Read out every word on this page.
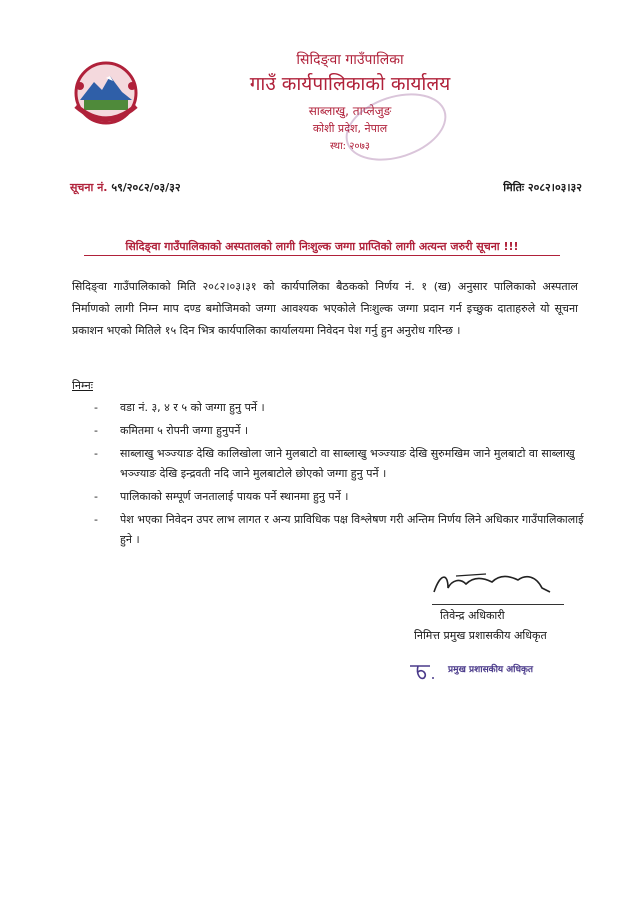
सिदिङ्वा गाउँपालिका
गाउँ कार्यपालिकाको कार्यालय
साब्लाखु, ताप्लेजुङ
कोशी प्रदेश, नेपाल
स्था: २०७३
सूचना नं. ५९/२०८२/०३/३२	मितिः २०८२।०३।३२
सिदिङ्वा गाउँपालिकाको अस्पतालको लागी निःशुल्क जग्गा प्राप्तिको लागी अत्यन्त जरुरी सूचना !!!
सिदिङ्वा गाउँपालिकाको मिति २०८२।०३।३१ को कार्यपालिका बैठकको निर्णय नं. १ (ख) अनुसार पालिकाको अस्पताल निर्माणको लागी निम्न माप दण्ड बमोजिमको जग्गा आवश्यक भएकोले निःशुल्क जग्गा प्रदान गर्न इच्छुक दाताहरुले यो सूचना प्रकाशन भएको मितिले १५ दिन भित्र कार्यपालिका कार्यालयमा निवेदन पेश गर्नु हुन अनुरोध गरिन्छ ।
निम्नः
- वडा नं. ३, ४ र ५ को जग्गा हुनु पर्ने ।
- कमितमा ५ रोपनी जग्गा हुनुपर्ने ।
- साब्लाखु भञ्ज्याङ देखि कालिखोला जाने मुलबाटो वा साब्लाखु भञ्ज्याङ देखि सुरुमखिम जाने मुलबाटो वा साब्लाखु भञ्ज्याङ देखि इन्द्रवती नदि जाने मुलबाटोले छोएको जग्गा हुनु पर्ने ।
- पालिकाको सम्पूर्ण जनतालाई पायक पर्ने स्थानमा हुनु पर्ने ।
- पेश भएका निवेदन उपर लाभ लागत र अन्य प्राविधिक पक्ष विश्लेषण गरी अन्तिम निर्णय लिने अधिकार गाउँपालिकालाई हुने ।
तिवेन्द्र अधिकारी
निमित्त प्रमुख प्रशासकीय अधिकृत
प्रमुख प्रशासकीय अधिकृत
